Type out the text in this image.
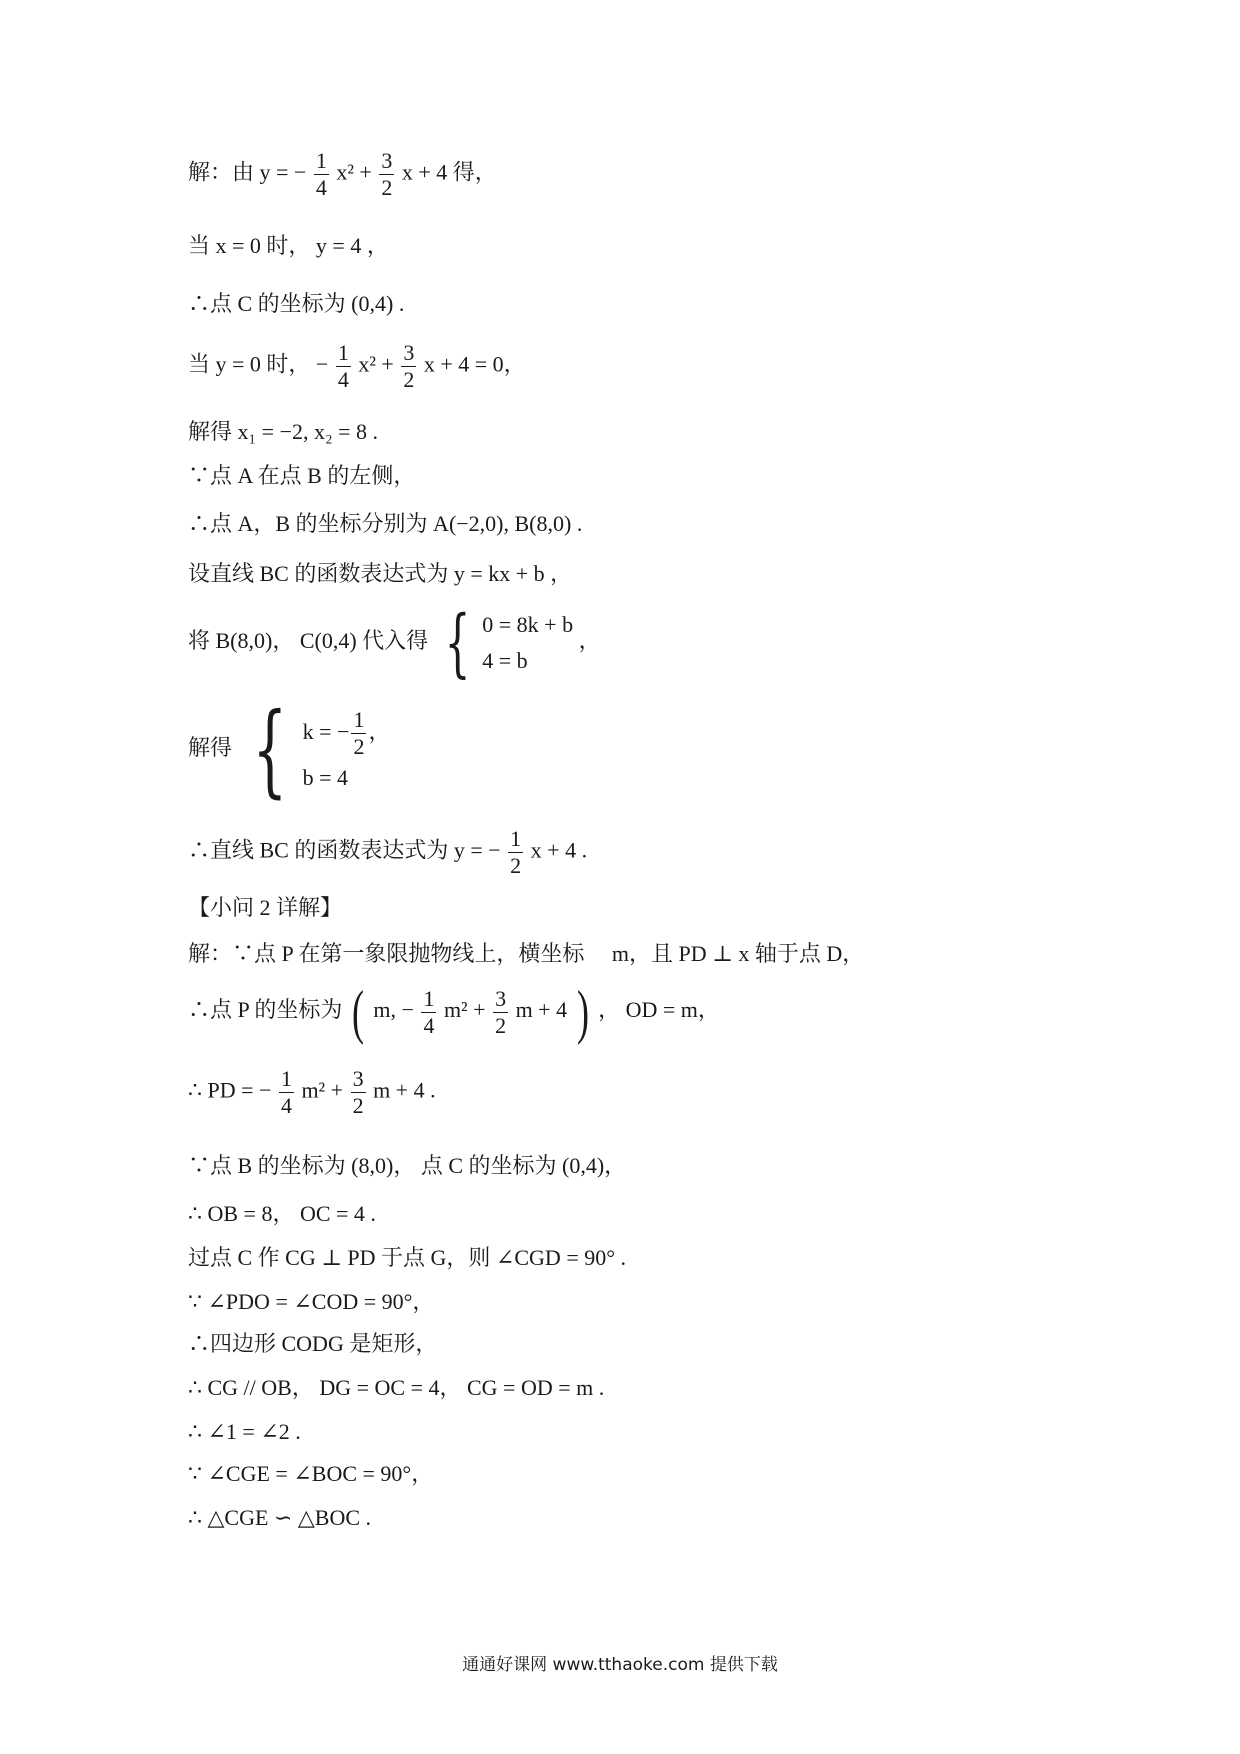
解：由 y = − $\frac{1}{4} x^2 + \frac{3}{2}$ x + 4 得，
当 x = 0 时， y = 4 ，
∴点 C 的坐标为 (0,4) .
当 y = 0 时， − $\frac{1}{4} x^2 + \frac{3}{2}$ x + 4 = 0，
解得 x₁ = −2, x₂ = 8 .
∵点 A 在点 B 的左侧，
∴点 A，B 的坐标分别为 A(−2,0), B(8,0) .
设直线 BC 的函数表达式为 y = kx + b ，
将 B(8,0)， C(0,4) 代入得 { 0 = 8k + b
4 = b
，
解得 { k = − $\frac{1}{2}$ ，
b = 4
∴直线 BC 的函数表达式为 y = − $\frac{1}{2}$ x + 4 .
【小问 2 详解】
解：∵点 P 在第一象限抛物线上，横坐标　 m，且 PD ⊥ x 轴于点 D，
∴点 P 的坐标为 ( m, − $\frac{1}{4} m^2 + \frac{3}{2}$ m + 4 ) ， OD = m，
∴ PD = − $\frac{1}{4} m^2 + \frac{3}{2}$ m + 4 .
∵点 B 的坐标为 (8,0)， 点 C 的坐标为 (0,4)，
∴ OB = 8， OC = 4 .
过点 C 作 CG ⊥ PD 于点 G，则 ∠CGD = 90° .
∵ ∠PDO = ∠COD = 90°，
∴四边形 CODG 是矩形，
∴ CG // OB， DG = OC = 4， CG = OD = m .
∴ ∠1 = ∠2 .
∵ ∠CGE = ∠BOC = 90°，
∴ △CGE ∽ △BOC .
通通好课网 www.tthaoke.com 提供下载
